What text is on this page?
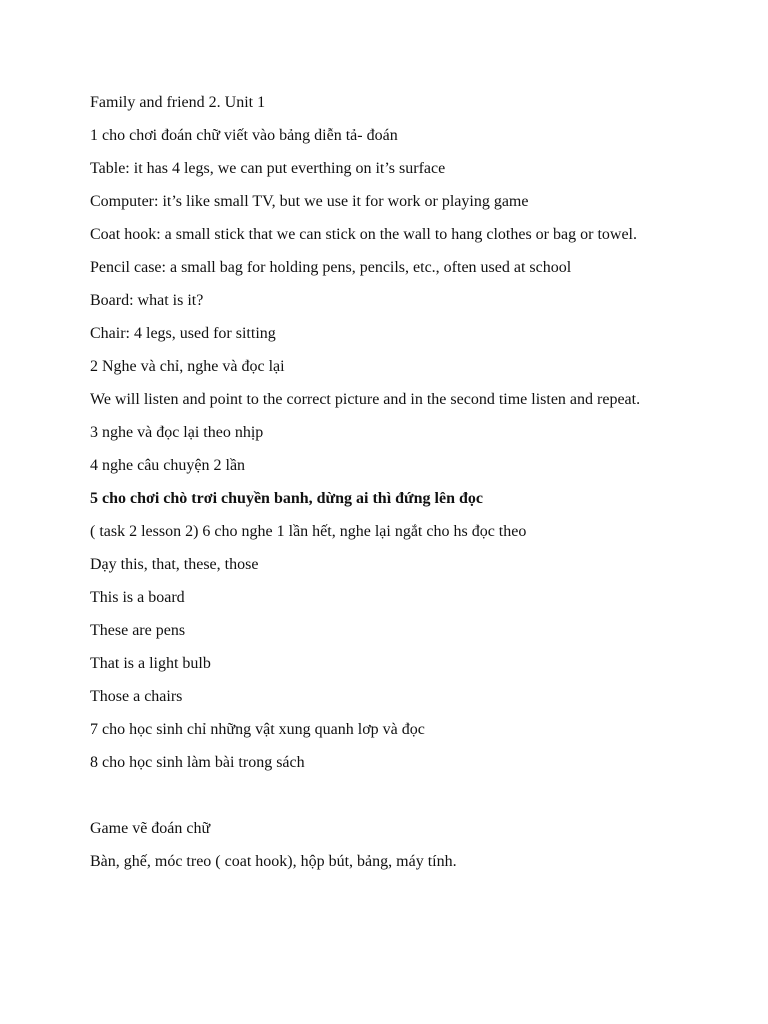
Family and friend 2. Unit 1

1 cho chơi đoán chữ viết vào bảng diễn tả- đoán

Table: it has 4 legs, we can put everthing on it’s surface

Computer: it’s like small TV, but we use it for work or playing game

Coat hook: a small stick that we can stick on the wall to hang clothes or bag or towel.

Pencil case: a small bag for holding pens, pencils, etc., often used at school

Board: what is it?

Chair: 4 legs, used for sitting

2 Nghe và chỉ, nghe và đọc lại

We will listen and point to the correct picture and in the second time listen and repeat.

3 nghe và đọc lại theo nhịp

4 nghe câu chuyện 2 lần

5 cho chơi chò trơi chuyền banh, dừng ai thì đứng lên đọc

( task 2 lesson 2) 6 cho nghe 1 lần hết, nghe lại ngắt cho hs đọc theo

Dạy this, that, these, those

This is a board

These are pens

That is a light bulb

Those a chairs

7 cho học sinh chỉ những vật xung quanh lơp và đọc

8 cho học sinh làm bài trong sách

Game vẽ đoán chữ

Bàn, ghế, móc treo ( coat hook), hộp bút, bảng, máy tính.
